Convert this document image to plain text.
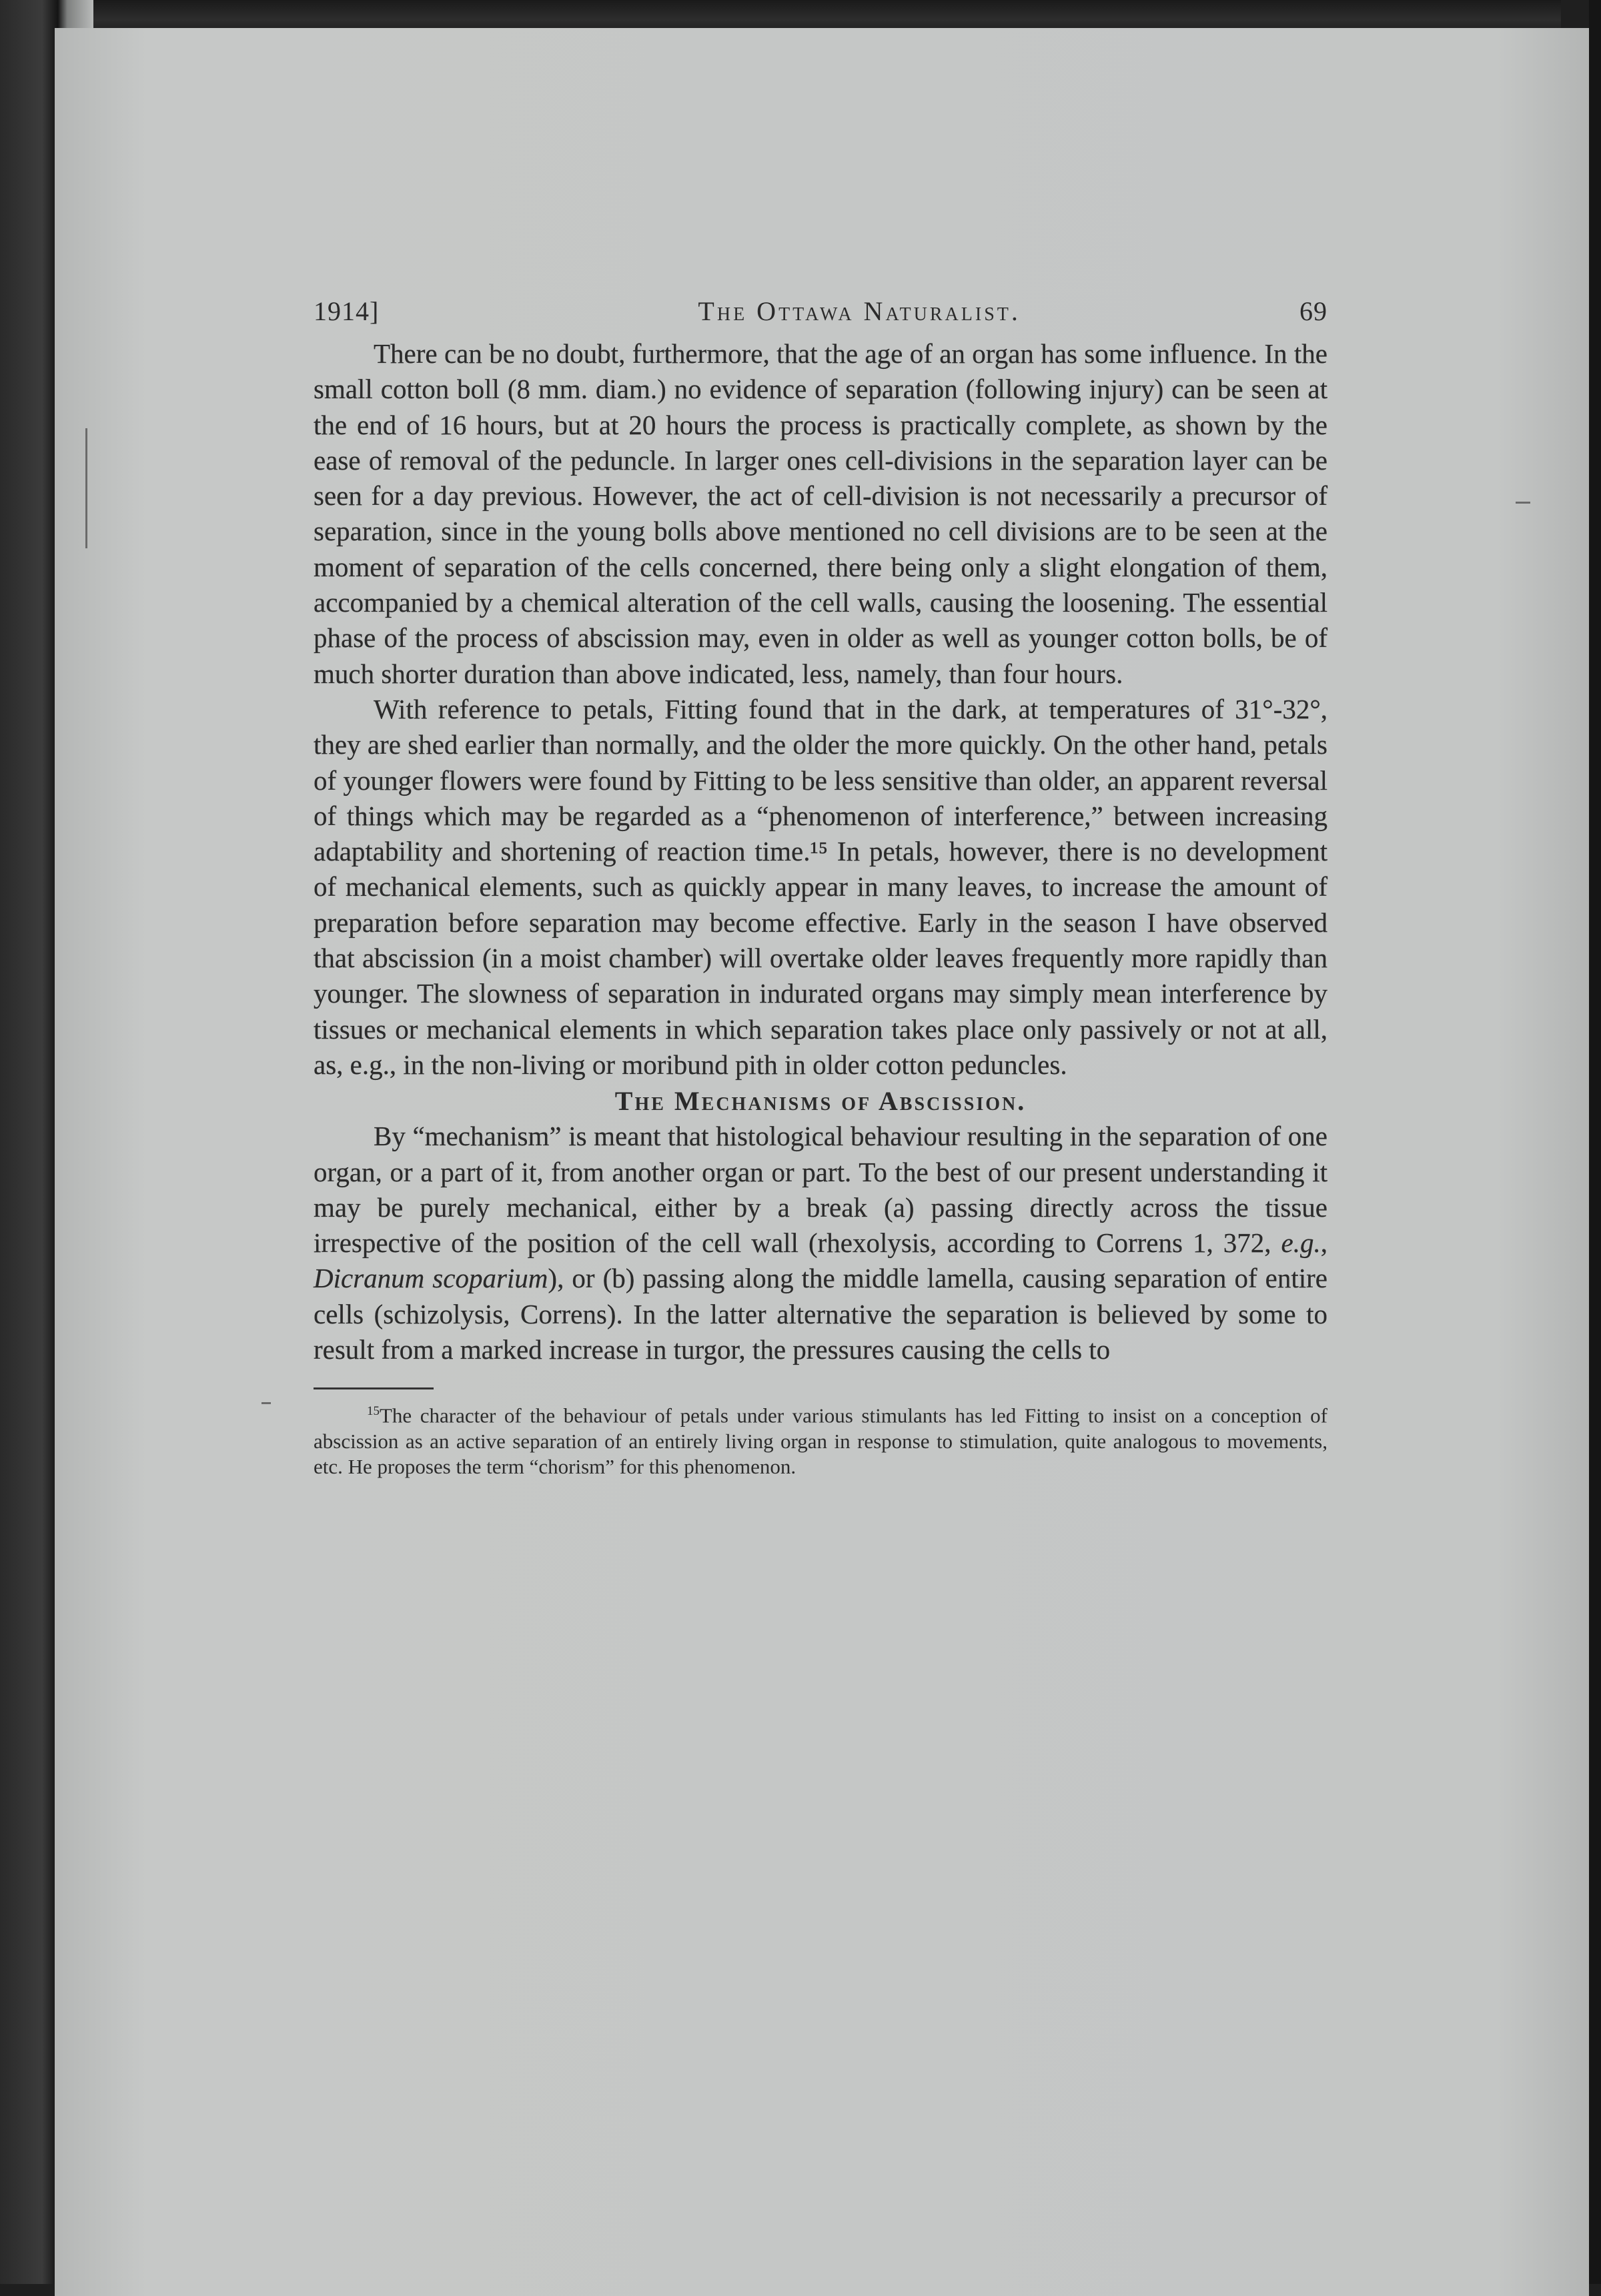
1914]	The Ottawa Naturalist.	69

There can be no doubt, furthermore, that the age of an organ has some influence. In the small cotton boll (8 mm. diam.) no evidence of separation (following injury) can be seen at the end of 16 hours, but at 20 hours the process is practically complete, as shown by the ease of removal of the peduncle. In larger ones cell-divisions in the separation layer can be seen for a day previous. However, the act of cell-division is not necessarily a precursor of separation, since in the young bolls above mentioned no cell divisions are to be seen at the moment of separation of the cells concerned, there being only a slight elongation of them, accompanied by a chemical alteration of the cell walls, causing the loosening. The essential phase of the process of abscission may, even in older as well as younger cotton bolls, be of much shorter duration than above indicated, less, namely, than four hours.

With reference to petals, Fitting found that in the dark, at temperatures of 31°-32°, they are shed earlier than normally, and the older the more quickly. On the other hand, petals of younger flowers were found by Fitting to be less sensitive than older, an apparent reversal of things which may be regarded as a “phenomenon of interference,” between increasing adaptability and shortening of reaction time.¹⁵ In petals, however, there is no development of mechanical elements, such as quickly appear in many leaves, to increase the amount of preparation before separation may become effective. Early in the season I have observed that abscission (in a moist chamber) will overtake older leaves frequently more rapidly than younger. The slowness of separation in indurated organs may simply mean interference by tissues or mechanical elements in which separation takes place only passively or not at all, as, e.g., in the non-living or moribund pith in older cotton peduncles.

The Mechanisms of Abscission.

By “mechanism” is meant that histological behaviour resulting in the separation of one organ, or a part of it, from another organ or part. To the best of our present understanding it may be purely mechanical, either by a break (a) passing directly across the tissue irrespective of the position of the cell wall (rhexolysis, according to Correns 1, 372, e.g., Dicranum scoparium), or (b) passing along the middle lamella, causing separation of entire cells (schizolysis, Correns). In the latter alternative the separation is believed by some to result from a marked increase in turgor, the pressures causing the cells to

$^{15}$The character of the behaviour of petals under various stimulants has led Fitting to insist on a conception of abscission as an active separation of an entirely living organ in response to stimulation, quite analogous to movements, etc. He proposes the term “chorism” for this phenomenon.
